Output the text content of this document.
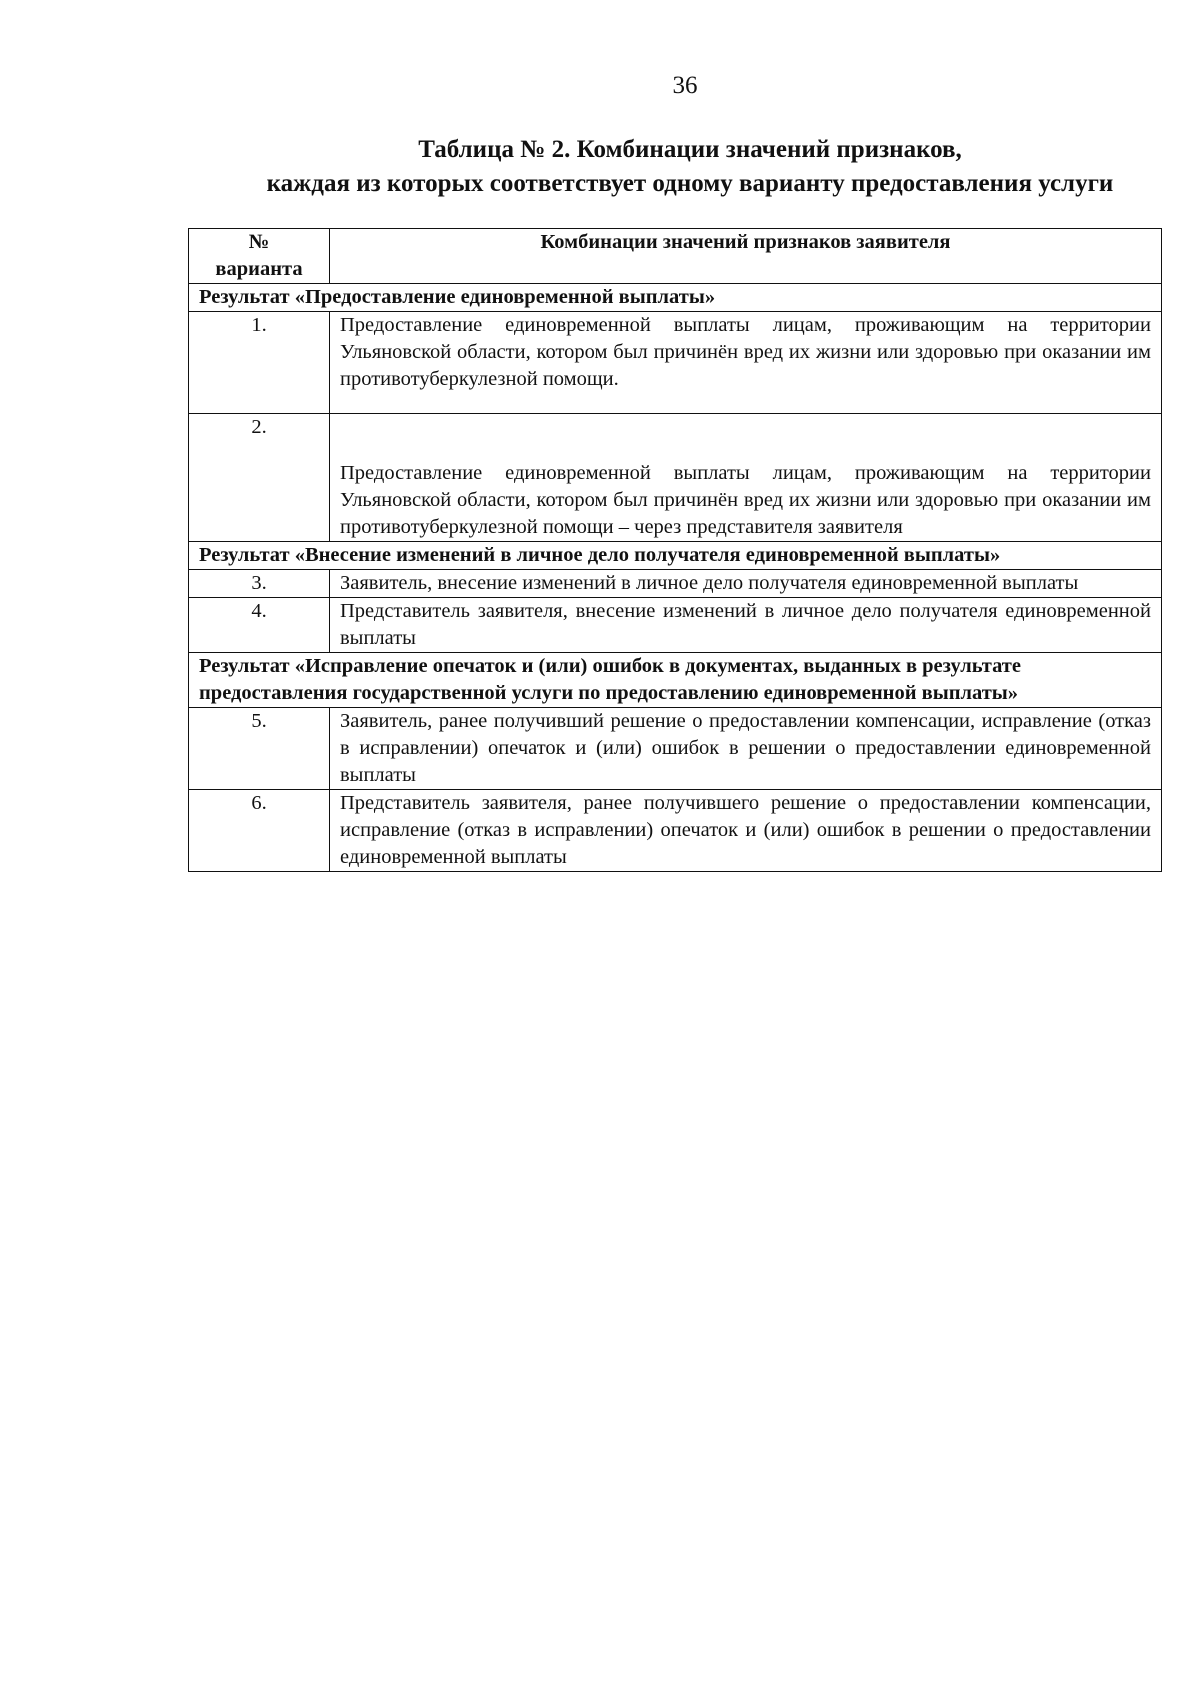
36
Таблица № 2. Комбинации значений признаков,
каждая из которых соответствует одному варианту предоставления услуги
№
варианта	Комбинации значений признаков заявителя
Результат «Предоставление единовременной выплаты»	
1.	Предоставление единовременной выплаты лицам, проживающим на территории Ульяновской области, котором был причинён вред их жизни или здоровью при оказании им противотуберкулезной помощи.
2.	Предоставление единовременной выплаты лицам, проживающим на территории Ульяновской области, котором был причинён вред их жизни или здоровью при оказании им противотуберкулезной помощи – через представителя заявителя
Результат «Внесение изменений в личное дело получателя единовременной выплаты»	
3.	Заявитель, внесение изменений в личное дело получателя единовременной выплаты
4.	Представитель заявителя, внесение изменений в личное дело получателя единовременной выплаты
Результат «Исправление опечаток и (или) ошибок в документах, выданных в результате предоставления государственной услуги по предоставлению единовременной выплаты»	
5.	Заявитель, ранее получивший решение о предоставлении компенсации, исправление (отказ в исправлении) опечаток и (или) ошибок в решении о предоставлении единовременной выплаты
6.	Представитель заявителя, ранее получившего решение о предоставлении компенсации, исправление (отказ в исправлении) опечаток и (или) ошибок в решении о предоставлении единовременной выплаты
